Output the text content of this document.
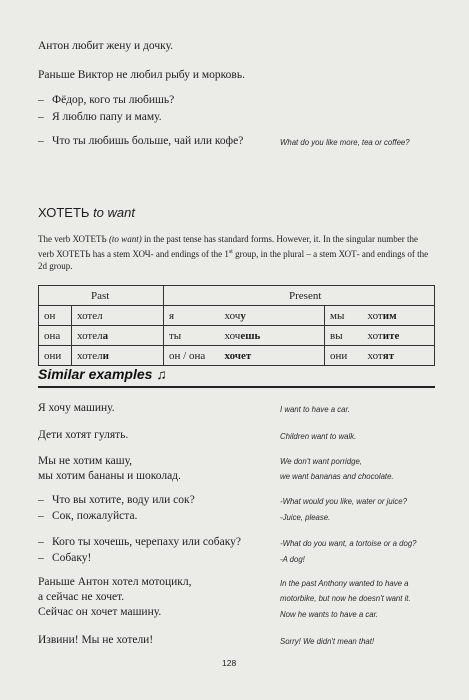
Антон любит жену и дочку.
Раньше Виктор не любил рыбу и морковь.
– Фёдор, кого ты любишь?
– Я люблю папу и маму.
– Что ты любишь больше, чай или кофе?	What do you like more, tea or coffee?
ХОТЕТЬ to want
The verb ХОТЕТЬ (to want) in the past tense has standard forms. However, it. In the singular number the verb ХОТЕТЬ has a stem ХОЧ- and endings of the 1st group, in the plural – a stem ХОТ- and endings of the 2d group.
Past		Present			
он	хотел	я	хочу	мы	хотим
она	хотела	ты	хочешь	вы	хотите
они	хотели	он / она	хочет	они	хотят
Similar examples ♫
Я хочу машину.	I want to have a car.
Дети хотят гулять.	Children want to walk.
Мы не хотим кашу,
мы хотим бананы и шоколад.
We don't want porridge,
we want bananas and chocolate.
– Что вы хотите, воду или сок?
– Сок, пожалуйста.
-What would you like, water or juice?
-Juice, please.
– Кого ты хочешь, черепаху или собаку?
– Собаку!
-What do you want, a tortoise or a dog?
-A dog!
Раньше Антон хотел мотоцикл,
а сейчас не хочет.
Сейчас он хочет машину.
In the past Anthony wanted to have a
motorbike, but now he doesn't want it.
Now he wants to have a car.
Извини! Мы не хотели!	Sorry! We didn't mean that!
128
